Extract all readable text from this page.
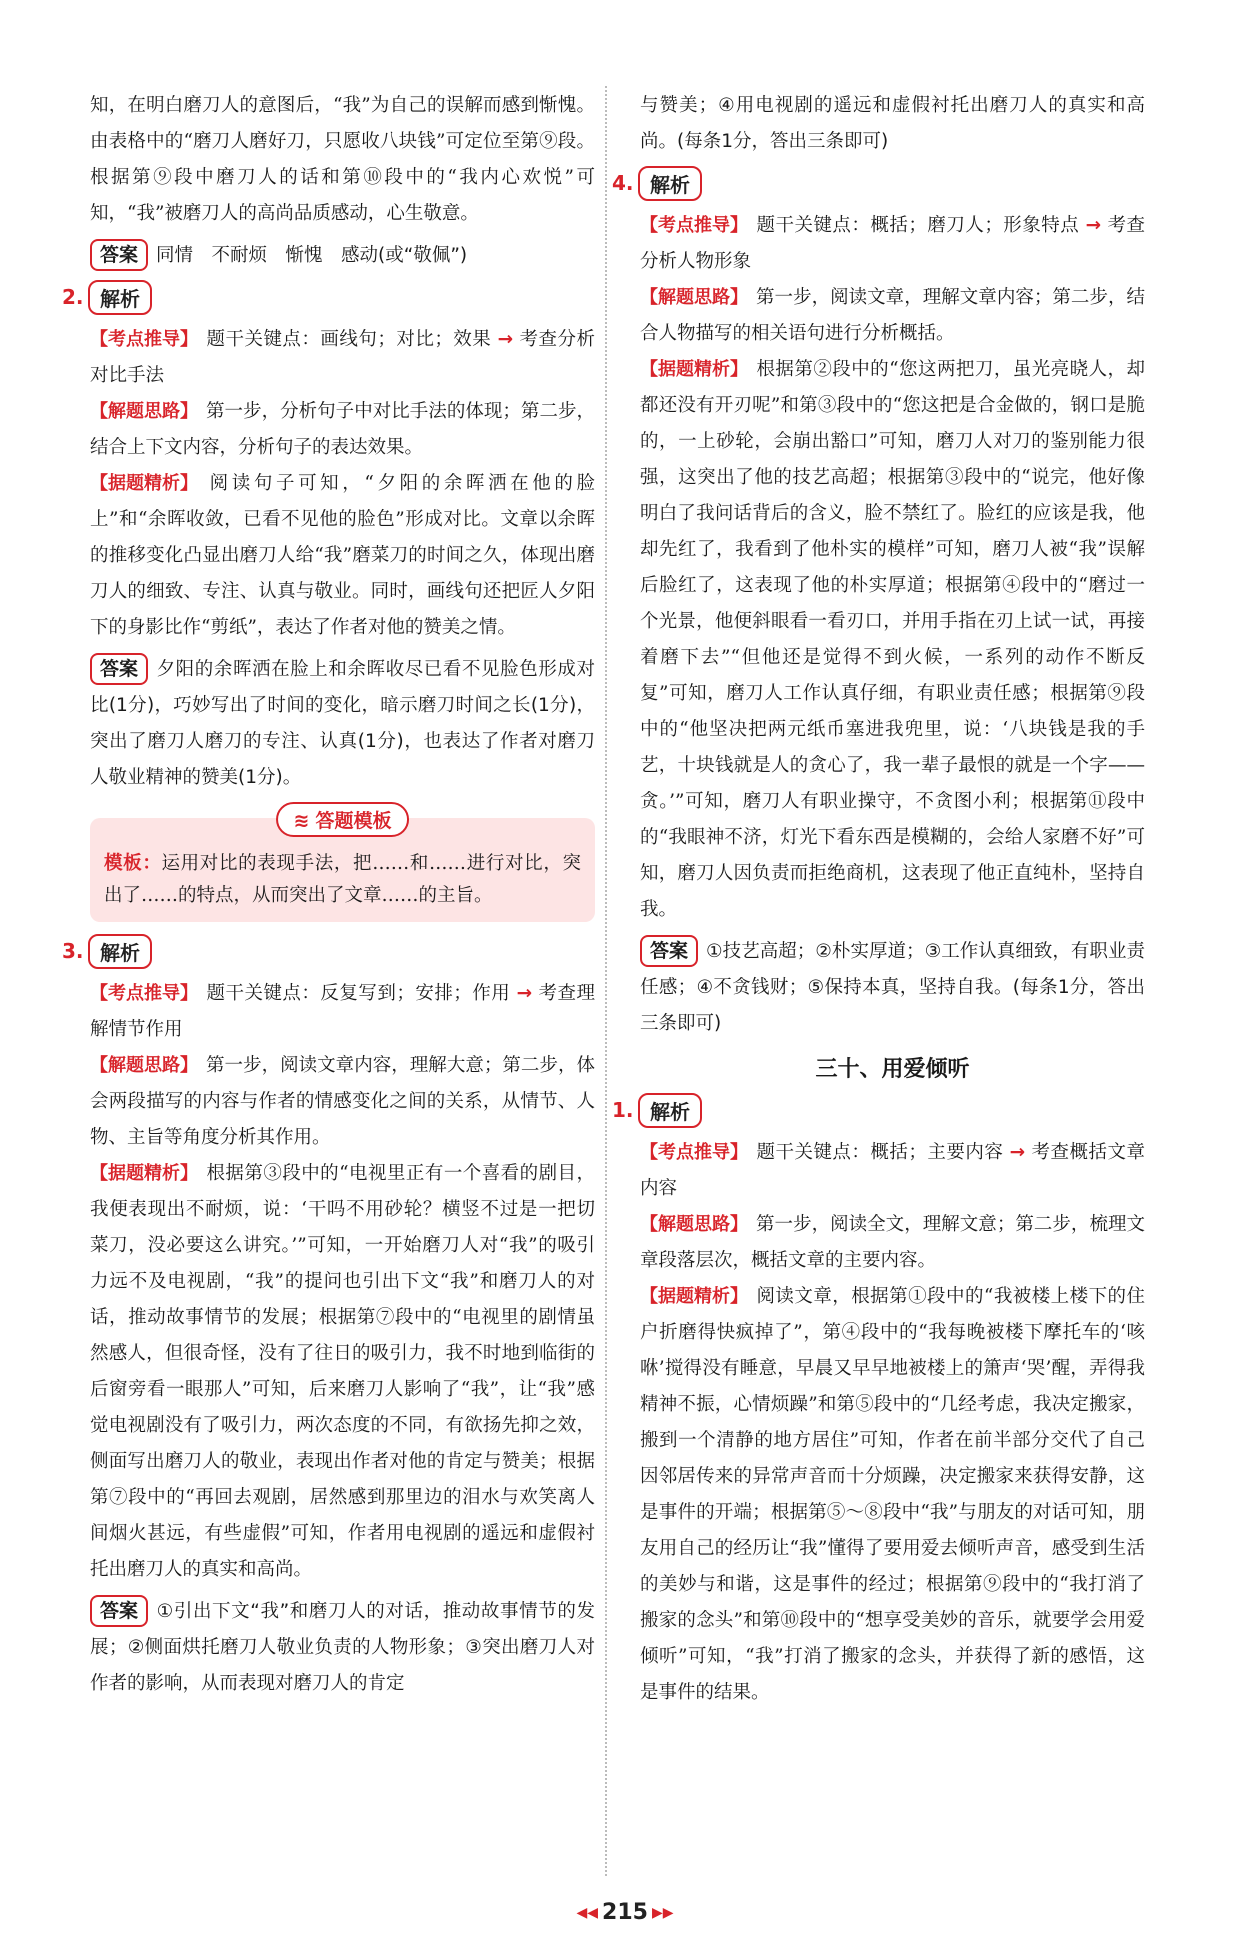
知，在明白磨刀人的意图后，“我”为自己的误解而感到惭愧。由表格中的“磨刀人磨好刀，只愿收八块钱”可定位至第⑨段。根据第⑨段中磨刀人的话和第⑩段中的“我内心欢悦”可知，“我”被磨刀人的高尚品质感动，心生敬意。

答案 同情　不耐烦　惭愧　感动(或“敬佩”)

2. 解析

【考点推导】 题干关键点：画线句；对比；效果 → 考查分析对比手法

【解题思路】 第一步，分析句子中对比手法的体现；第二步，结合上下文内容，分析句子的表达效果。

【据题精析】 阅读句子可知，“夕阳的余晖洒在他的脸上”和“余晖收敛，已看不见他的脸色”形成对比。文章以余晖的推移变化凸显出磨刀人给“我”磨菜刀的时间之久，体现出磨刀人的细致、专注、认真与敬业。同时，画线句还把匠人夕阳下的身影比作“剪纸”，表达了作者对他的赞美之情。

答案 夕阳的余晖洒在脸上和余晖收尽已看不见脸色形成对比(1分)，巧妙写出了时间的变化，暗示磨刀时间之长(1分)，突出了磨刀人磨刀的专注、认真(1分)，也表达了作者对磨刀人敬业精神的赞美(1分)。

≋ 答题模板

模板：运用对比的表现手法，把……和……进行对比，突出了……的特点，从而突出了文章……的主旨。

3. 解析

【考点推导】 题干关键点：反复写到；安排；作用 → 考查理解情节作用

【解题思路】 第一步，阅读文章内容，理解大意；第二步，体会两段描写的内容与作者的情感变化之间的关系，从情节、人物、主旨等角度分析其作用。

【据题精析】 根据第③段中的“电视里正有一个喜看的剧目，我便表现出不耐烦，说：‘干吗不用砂轮？横竖不过是一把切菜刀，没必要这么讲究。’”可知，一开始磨刀人对“我”的吸引力远不及电视剧，“我”的提问也引出下文“我”和磨刀人的对话，推动故事情节的发展；根据第⑦段中的“电视里的剧情虽然感人，但很奇怪，没有了往日的吸引力，我不时地到临街的后窗旁看一眼那人”可知，后来磨刀人影响了“我”，让“我”感觉电视剧没有了吸引力，两次态度的不同，有欲扬先抑之效，侧面写出磨刀人的敬业，表现出作者对他的肯定与赞美；根据第⑦段中的“再回去观剧，居然感到那里边的泪水与欢笑离人间烟火甚远，有些虚假”可知，作者用电视剧的遥远和虚假衬托出磨刀人的真实和高尚。

答案 ①引出下文“我”和磨刀人的对话，推动故事情节的发展；②侧面烘托磨刀人敬业负责的人物形象；③突出磨刀人对作者的影响，从而表现对磨刀人的肯定

与赞美；④用电视剧的遥远和虚假衬托出磨刀人的真实和高尚。(每条1分，答出三条即可)

4. 解析

【考点推导】 题干关键点：概括；磨刀人；形象特点 → 考查分析人物形象

【解题思路】 第一步，阅读文章，理解文章内容；第二步，结合人物描写的相关语句进行分析概括。

【据题精析】 根据第②段中的“您这两把刀，虽光亮晓人，却都还没有开刃呢”和第③段中的“您这把是合金做的，钢口是脆的，一上砂轮，会崩出豁口”可知，磨刀人对刀的鉴别能力很强，这突出了他的技艺高超；根据第③段中的“说完，他好像明白了我问话背后的含义，脸不禁红了。脸红的应该是我，他却先红了，我看到了他朴实的模样”可知，磨刀人被“我”误解后脸红了，这表现了他的朴实厚道；根据第④段中的“磨过一个光景，他便斜眼看一看刃口，并用手指在刃上试一试，再接着磨下去”“但他还是觉得不到火候，一系列的动作不断反复”可知，磨刀人工作认真仔细，有职业责任感；根据第⑨段中的“他坚决把两元纸币塞进我兜里，说：‘八块钱是我的手艺，十块钱就是人的贪心了，我一辈子最恨的就是一个字——贪。’”可知，磨刀人有职业操守，不贪图小利；根据第⑪段中的“我眼神不济，灯光下看东西是模糊的，会给人家磨不好”可知，磨刀人因负责而拒绝商机，这表现了他正直纯朴，坚持自我。

答案 ①技艺高超；②朴实厚道；③工作认真细致，有职业责任感；④不贪钱财；⑤保持本真，坚持自我。(每条1分，答出三条即可)

三十、用爱倾听
1. 解析

【考点推导】 题干关键点：概括；主要内容 → 考查概括文章内容

【解题思路】 第一步，阅读全文，理解文意；第二步，梳理文章段落层次，概括文章的主要内容。

【据题精析】 阅读文章，根据第①段中的“我被楼上楼下的住户折磨得快疯掉了”，第④段中的“我每晚被楼下摩托车的‘咳咻’搅得没有睡意，早晨又早早地被楼上的箫声‘哭’醒，弄得我精神不振，心情烦躁”和第⑤段中的“几经考虑，我决定搬家，搬到一个清静的地方居住”可知，作者在前半部分交代了自己因邻居传来的异常声音而十分烦躁，决定搬家来获得安静，这是事件的开端；根据第⑤～⑧段中“我”与朋友的对话可知，朋友用自己的经历让“我”懂得了要用爱去倾听声音，感受到生活的美妙与和谐，这是事件的经过；根据第⑨段中的“我打消了搬家的念头”和第⑩段中的“想享受美妙的音乐，就要学会用爱倾听”可知，“我”打消了搬家的念头，并获得了新的感悟，这是事件的结果。

◀◀ 215 ▶▶
